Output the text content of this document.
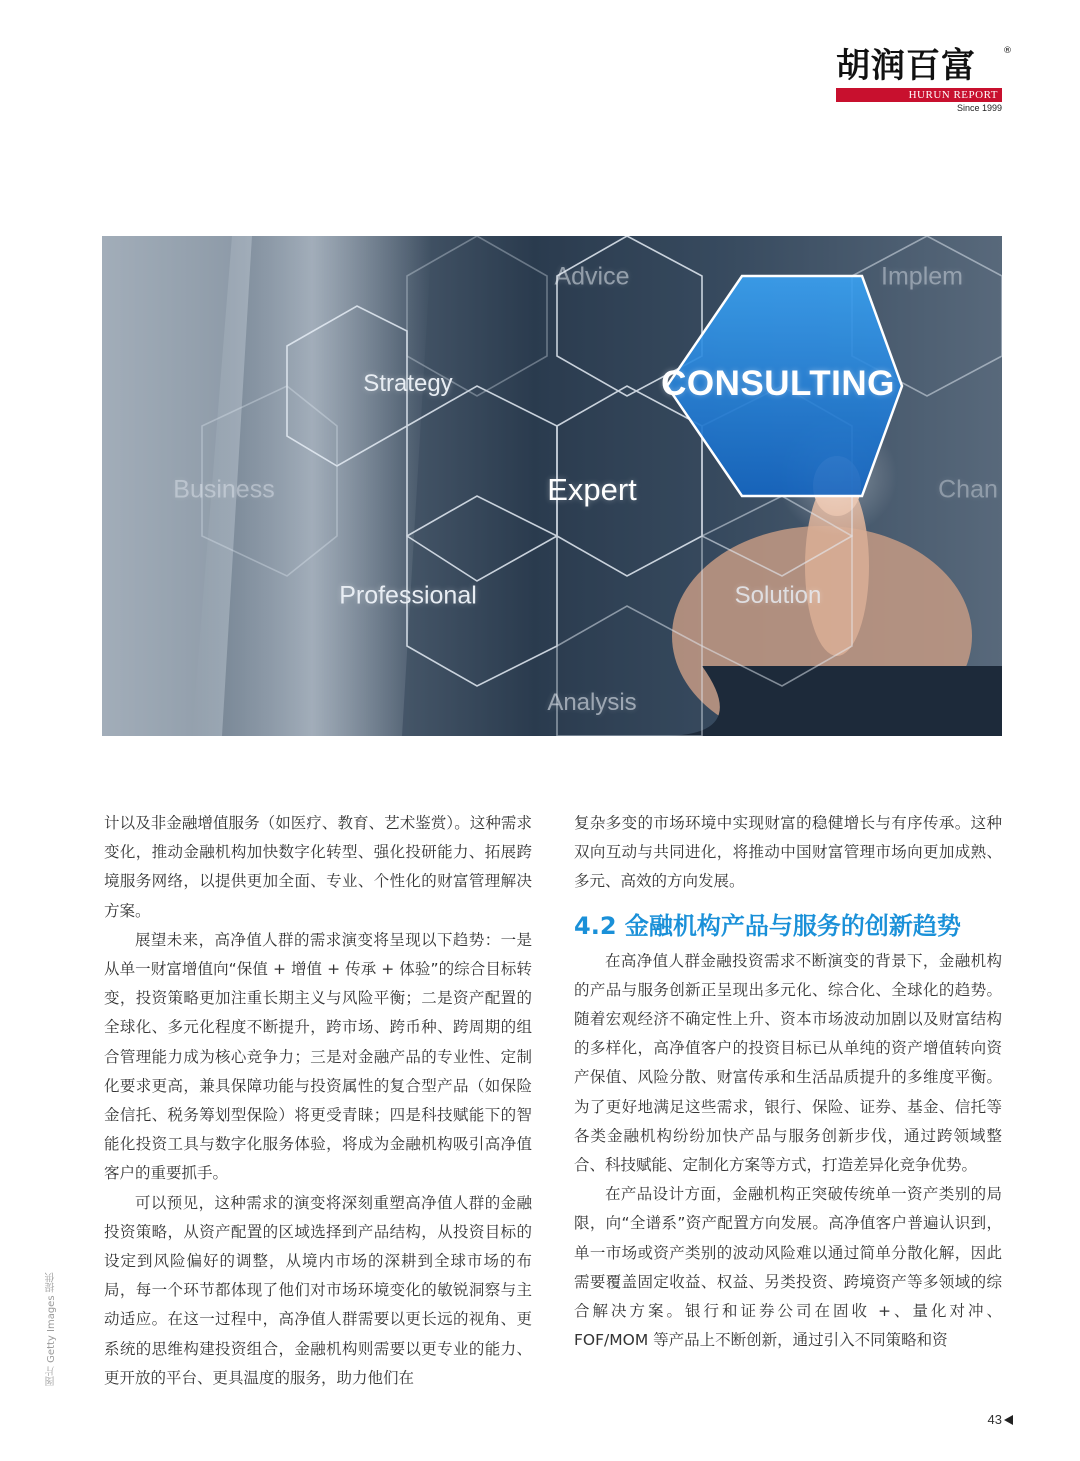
胡润百富	®
HURUN REPORT
Since 1999
Advice	Implem
Strategy	CONSULTING
Business	Expert	Chan
Professional	Solution
Analysis

计以及非金融增值服务（如医疗、教育、艺术鉴赏）。这种需求变化，推动金融机构加快数字化转型、强化投研能力、拓展跨境服务网络，以提供更加全面、专业、个性化的财富管理解决方案。

展望未来，高净值人群的需求演变将呈现以下趋势：一是从单一财富增值向“保值 + 增值 + 传承 + 体验”的综合目标转变，投资策略更加注重长期主义与风险平衡；二是资产配置的全球化、多元化程度不断提升，跨市场、跨币种、跨周期的组合管理能力成为核心竞争力；三是对金融产品的专业性、定制化要求更高，兼具保障功能与投资属性的复合型产品（如保险金信托、税务筹划型保险）将更受青睐；四是科技赋能下的智能化投资工具与数字化服务体验，将成为金融机构吸引高净值客户的重要抓手。

可以预见，这种需求的演变将深刻重塑高净值人群的金融投资策略，从资产配置的区域选择到产品结构，从投资目标的设定到风险偏好的调整，从境内市场的深耕到全球市场的布局，每一个环节都体现了他们对市场环境变化的敏锐洞察与主动适应。在这一过程中，高净值人群需要以更长远的视角、更系统的思维构建投资组合，金融机构则需要以更专业的能力、更开放的平台、更具温度的服务，助力他们在

复杂多变的市场环境中实现财富的稳健增长与有序传承。这种双向互动与共同进化，将推动中国财富管理市场向更加成熟、多元、高效的方向发展。

4.2 金融机构产品与服务的创新趋势

在高净值人群金融投资需求不断演变的背景下，金融机构的产品与服务创新正呈现出多元化、综合化、全球化的趋势。随着宏观经济不确定性上升、资本市场波动加剧以及财富结构的多样化，高净值客户的投资目标已从单纯的资产增值转向资产保值、风险分散、财富传承和生活品质提升的多维度平衡。为了更好地满足这些需求，银行、保险、证券、基金、信托等各类金融机构纷纷加快产品与服务创新步伐，通过跨领域整合、科技赋能、定制化方案等方式，打造差异化竞争优势。

在产品设计方面，金融机构正突破传统单一资产类别的局限，向“全谱系”资产配置方向发展。高净值客户普遍认识到，单一市场或资产类别的波动风险难以通过简单分散化解，因此需要覆盖固定收益、权益、另类投资、跨境资产等多领域的综合解决方案。银行和证券公司在固收 +、量化对冲、FOF/MOM 等产品上不断创新，通过引入不同策略和资

图片 Getty Images 提供
43
